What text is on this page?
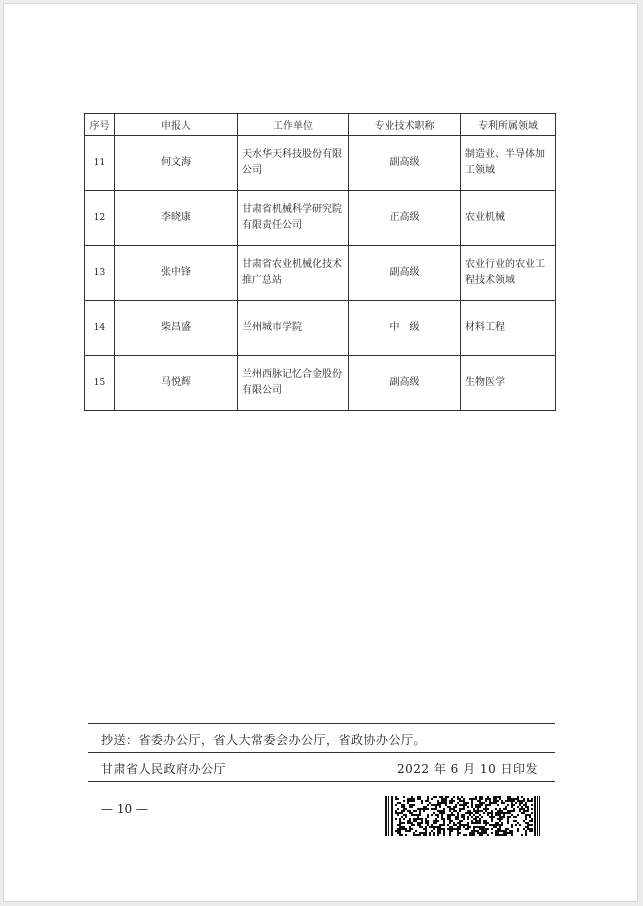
序号	申报人	工作单位	专业技术职称	专利所属领域
11	何文海	天水华天科技股份有限公司	副高级	制造业、半导体加工领域
12	李晓康	甘肃省机械科学研究院有限责任公司	正高级	农业机械
13	张中锋	甘肃省农业机械化技术推广总站	副高级	农业行业的农业工程技术领域
14	柴昌盛	兰州城市学院	中　级	材料工程
15	马悦辉	兰州西脉记忆合金股份有限公司	副高级	生物医学
抄送：省委办公厅，省人大常委会办公厅，省政协办公厅。
甘肃省人民政府办公厅	2022 年 6 月 10 日印发
— 10 —
